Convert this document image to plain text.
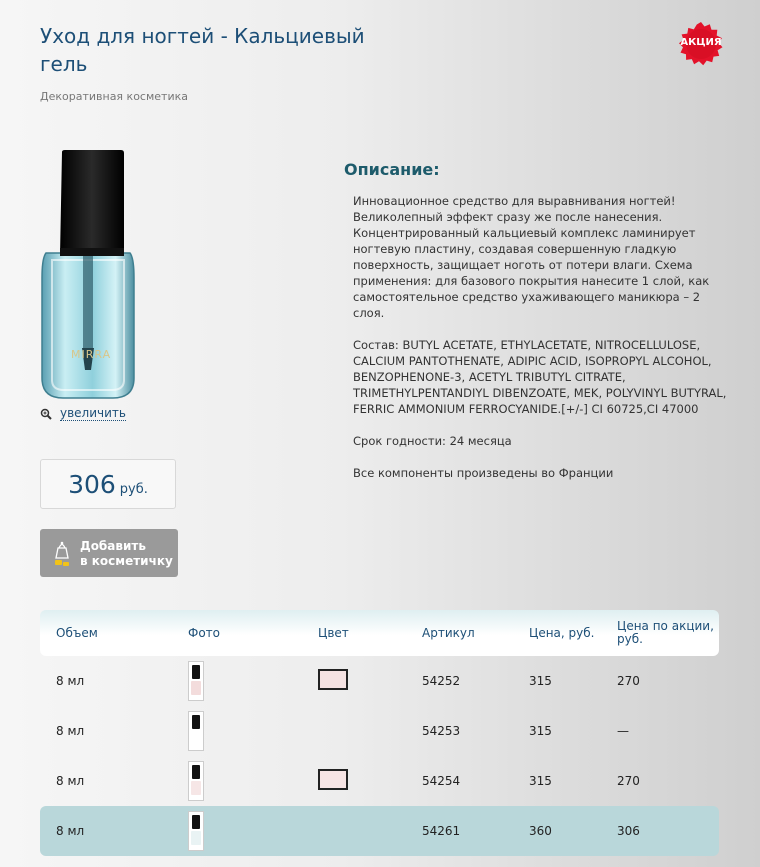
Уход для ногтей - Кальциевый гель
Декоративная косметика
АКЦИЯ
MIRRA
увеличить
306 руб.
Добавить
в косметичку
Описание:

Инновационное средство для выравнивания ногтей! Великолепный эффект сразу же после нанесения. Концентрированный кальциевый комплекс ламинирует ногтевую пластину, создавая совершенную гладкую поверхность, защищает ноготь от потери влаги. Схема применения: для базового покрытия нанесите 1 слой, как самостоятельное средство ухаживающего маникюра – 2 слоя.

Состав: BUTYL ACETATE, ETHYLACETATE, NITROCELLULOSE, CALCIUM PANTOTHENATE, ADIPIC ACID, ISOPROPYL ALCOHOL, BENZOPHENONE-3, ACETYL TRIBUTYL CITRATE, TRIMETHYLPENTANDIYL DIBENZOATE, MEK, POLYVINYL BUTYRAL, FERRIC AMMONIUM FERROCYANIDE.[+/-] CI 60725,CI 47000

Срок годности: 24 месяца

Все компоненты произведены во Франции

Объем	Фото	Цвет	Артикул	Цена, руб.	Цена по акции, руб.
8 мл			54252	315	270
8 мл			54253	315	—
8 мл			54254	315	270
8 мл			54261	360	306
